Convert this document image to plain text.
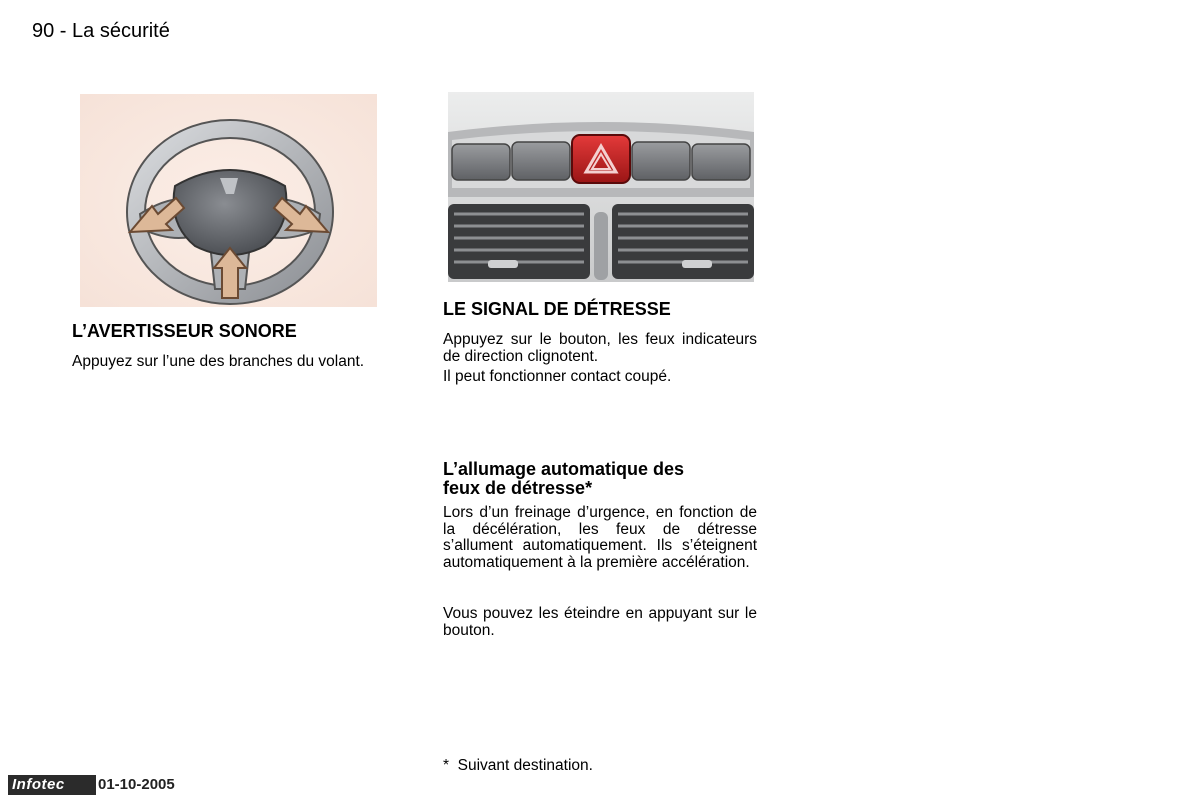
90 - La sécurité
L’AVERTISSEUR SONORE

Appuyez sur l’une des branches du volant.

LE SIGNAL DE DÉTRESSE

Appuyez sur le bouton, les feux indicateurs de direction clignotent.

Il peut fonctionner contact coupé.

L’allumage automatique des
feux de détresse*

Lors d’un freinage d’urgence, en fonction de la décélération, les feux de détresse s’allument automatiquement. Ils s’éteignent automatiquement à la première accélération.

Vous pouvez les éteindre en appuyant sur le bouton.

*  Suivant destination.
Infotec	01-10-2005
